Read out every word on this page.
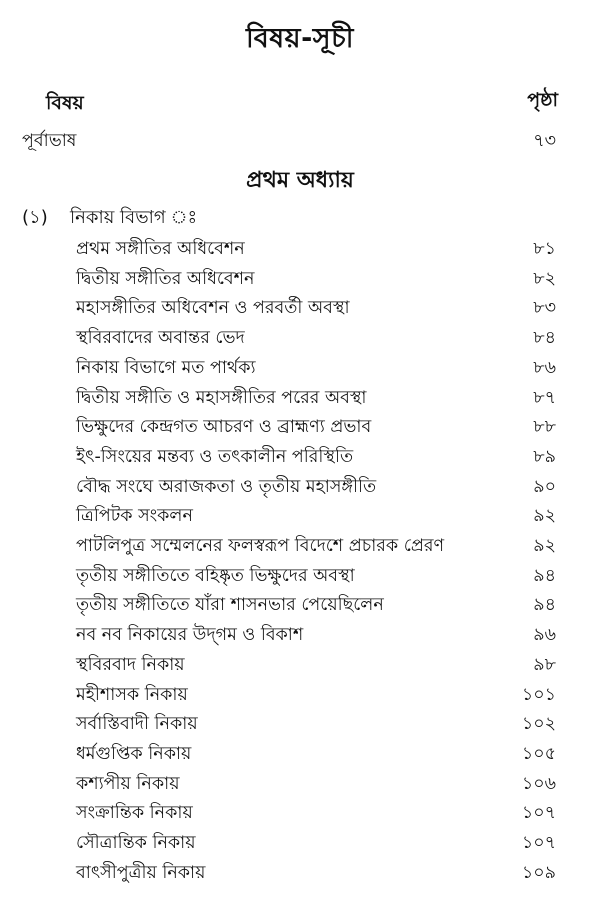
বিষয়-সূচী
বিষয়	পৃষ্ঠা
পূর্বাভাষ	৭৩
প্রথম অধ্যায়
(১) নিকায় বিভাগ ঃ
প্রথম সঙ্গীতির অধিবেশন	৮১
দ্বিতীয় সঙ্গীতির অধিবেশন	৮২
মহাসঙ্গীতির অধিবেশন ও পরবর্তী অবস্থা	৮৩
স্থবিরবাদের অবান্তর ভেদ	৮৪
নিকায় বিভাগে মত পার্থক্য	৮৬
দ্বিতীয় সঙ্গীতি ও মহাসঙ্গীতির পরের অবস্থা	৮৭
ভিক্ষুদের কেন্দ্রগত আচরণ ও ব্রাহ্মণ্য প্রভাব	৮৮
ইৎ-সিংয়ের মন্তব্য ও তৎকালীন পরিস্থিতি	৮৯
বৌদ্ধ সংঘে অরাজকতা ও তৃতীয় মহাসঙ্গীতি	৯০
ত্রিপিটক সংকলন	৯২
পাটলিপুত্র সম্মেলনের ফলস্বরূপ বিদেশে প্রচারক প্রেরণ	৯২
তৃতীয় সঙ্গীতিতে বহিষ্কৃত ভিক্ষুদের অবস্থা	৯৪
তৃতীয় সঙ্গীতিতে যাঁরা শাসনভার পেয়েছিলেন	৯৪
নব নব নিকায়ের উদ্‌গম ও বিকাশ	৯৬
স্থবিরবাদ নিকায়	৯৮
মহীশাসক নিকায়	১০১
সর্বাস্তিবাদী নিকায়	১০২
ধর্মগুপ্তিক নিকায়	১০৫
কশ্যপীয় নিকায়	১০৬
সংক্রান্তিক নিকায়	১০৭
সৌত্রান্তিক নিকায়	১০৭
বাৎসীপুত্রীয় নিকায়	১০৯
